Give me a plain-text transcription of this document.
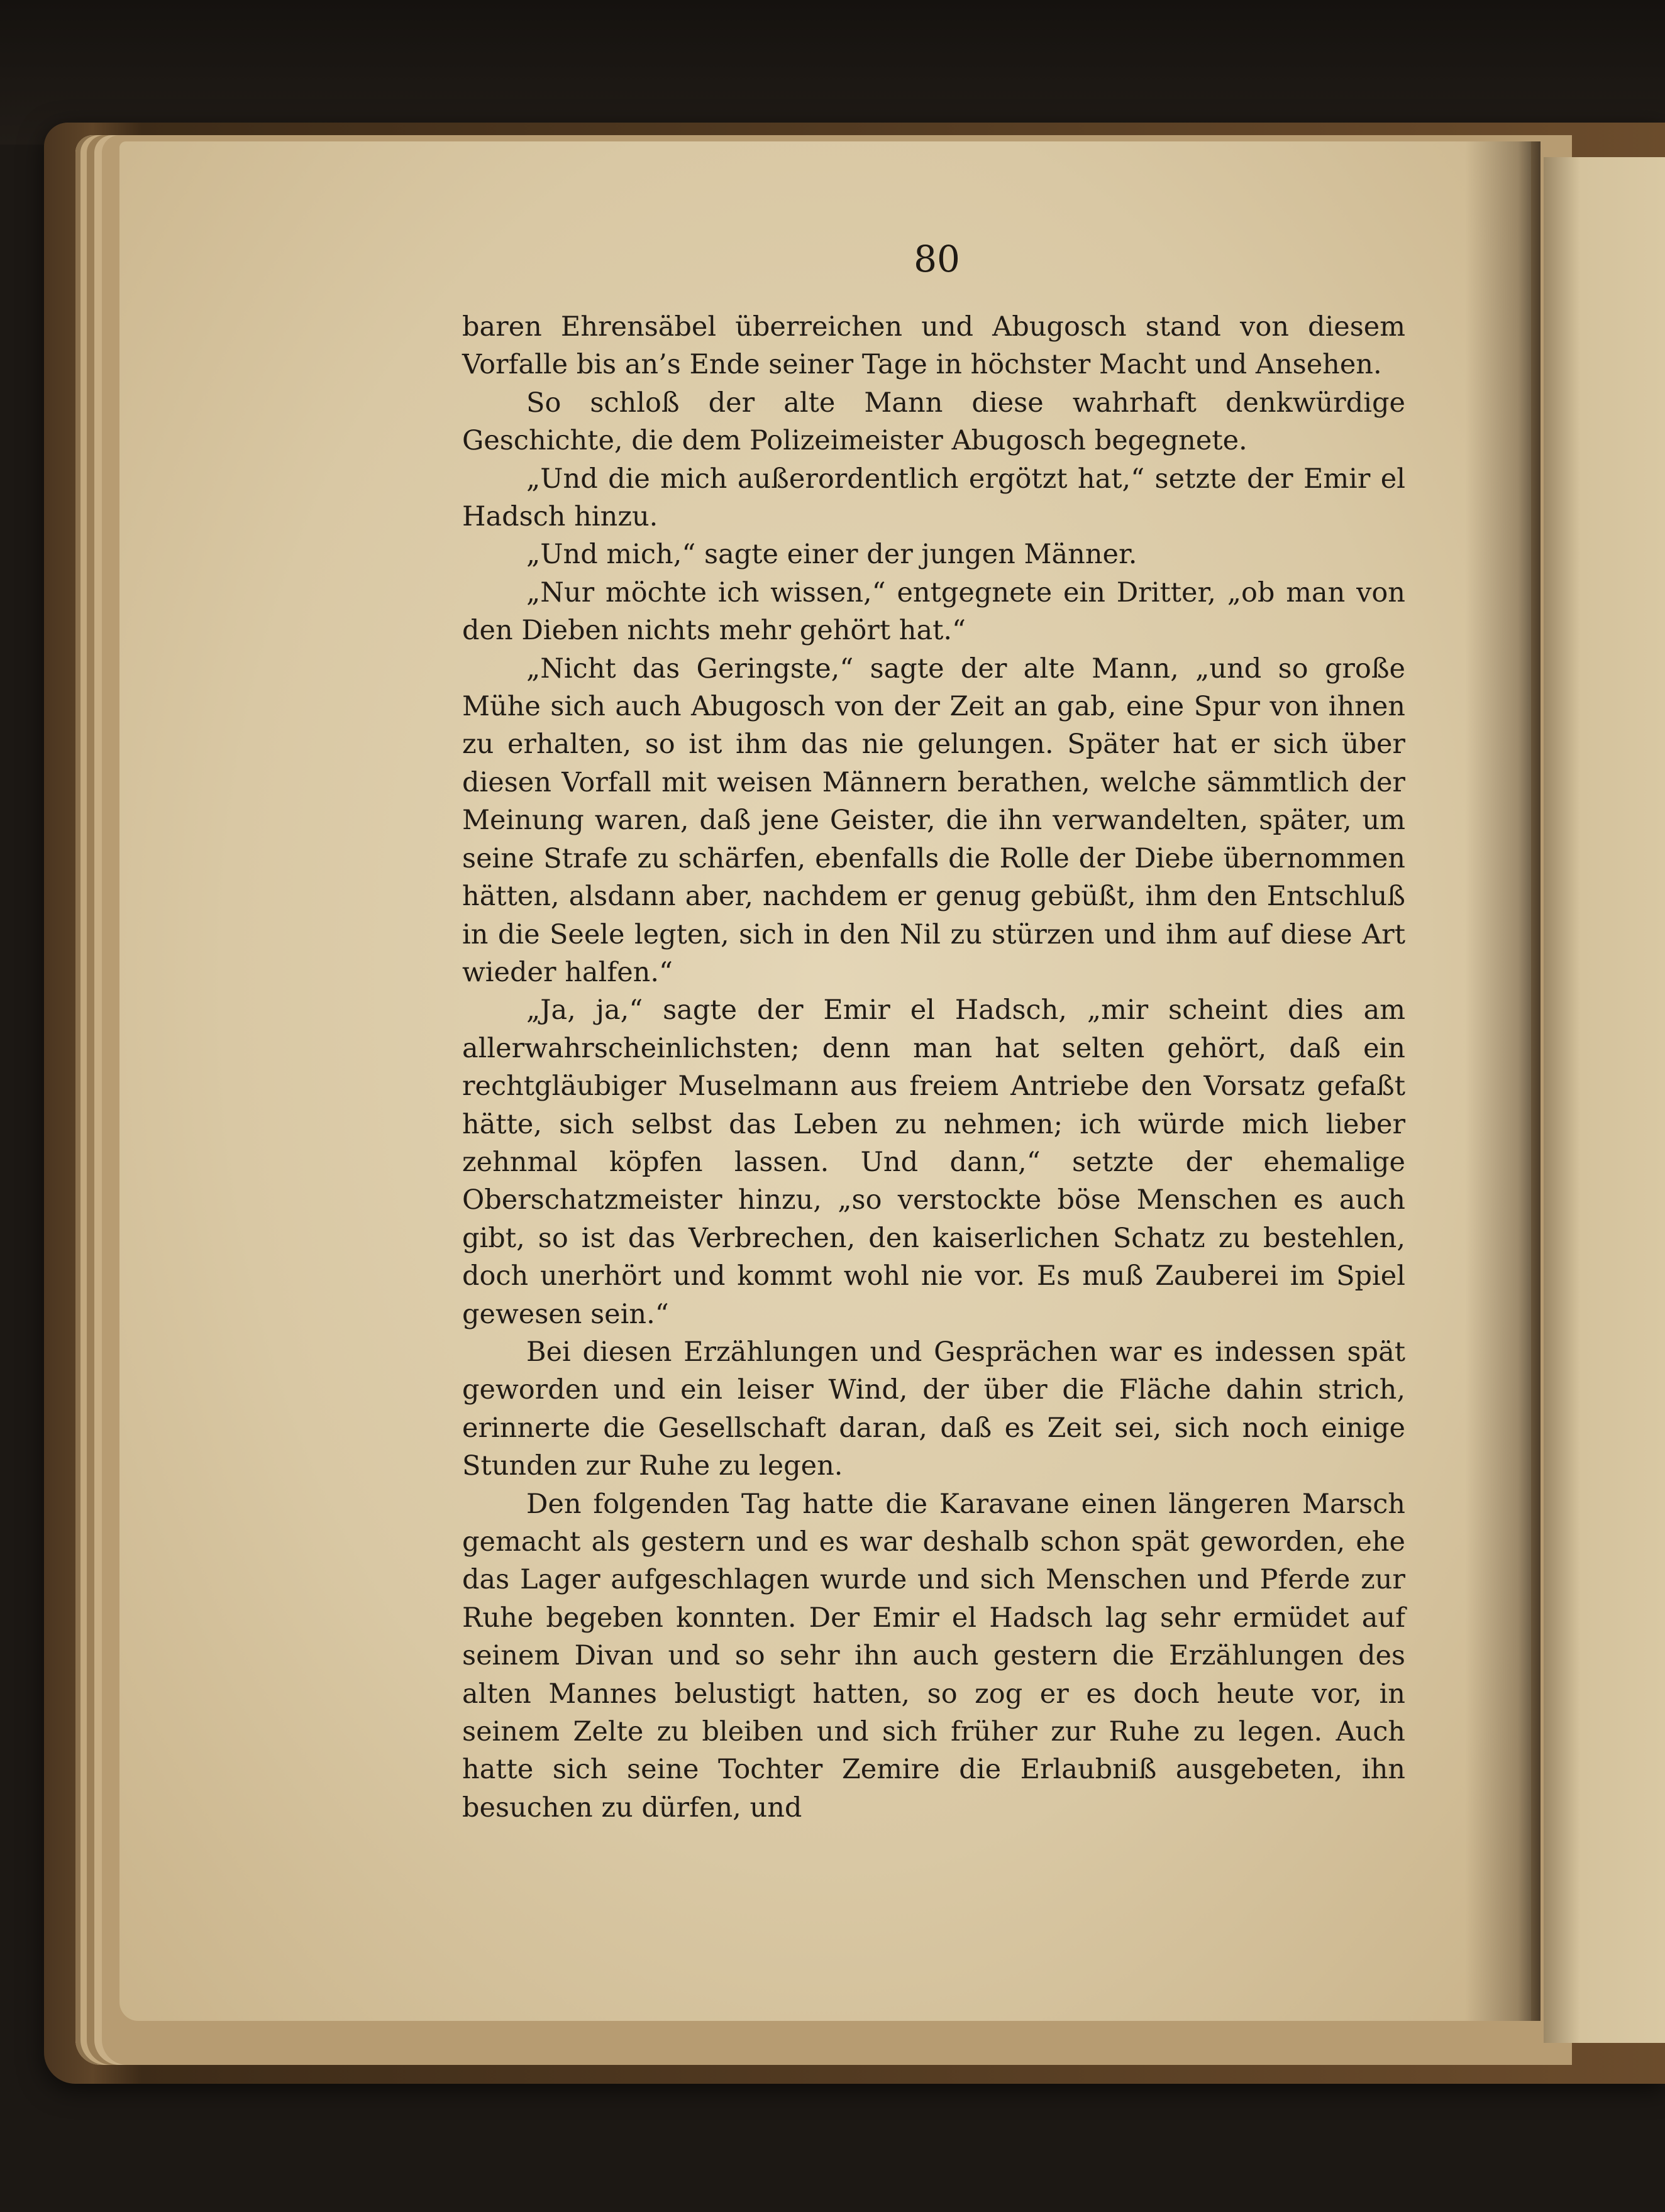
80

baren Ehrensäbel überreichen und Abugosch stand von diesem Vorfalle bis an’s Ende seiner Tage in höchster Macht und Ansehen.

So schloß der alte Mann diese wahrhaft denkwürdige Geschichte, die dem Polizeimeister Abugosch begegnete.

„Und die mich außerordentlich ergötzt hat,“ setzte der Emir el Hadsch hinzu.

„Und mich,“ sagte einer der jungen Männer.

„Nur möchte ich wissen,“ entgegnete ein Dritter, „ob man von den Dieben nichts mehr gehört hat.“

„Nicht das Geringste,“ sagte der alte Mann, „und so große Mühe sich auch Abugosch von der Zeit an gab, eine Spur von ihnen zu erhalten, so ist ihm das nie gelungen. Später hat er sich über diesen Vorfall mit weisen Männern berathen, welche sämmtlich der Meinung waren, daß jene Geister, die ihn verwandelten, später, um seine Strafe zu schärfen, ebenfalls die Rolle der Diebe übernommen hätten, alsdann aber, nachdem er genug gebüßt, ihm den Entschluß in die Seele legten, sich in den Nil zu stürzen und ihm auf diese Art wieder halfen.“

„Ja, ja,“ sagte der Emir el Hadsch, „mir scheint dies am allerwahrscheinlichsten; denn man hat selten gehört, daß ein rechtgläubiger Muselmann aus freiem Antriebe den Vorsatz gefaßt hätte, sich selbst das Leben zu nehmen; ich würde mich lieber zehnmal köpfen lassen. Und dann,“ setzte der ehemalige Oberschatzmeister hinzu, „so verstockte böse Menschen es auch gibt, so ist das Verbrechen, den kaiserlichen Schatz zu bestehlen, doch unerhört und kommt wohl nie vor. Es muß Zauberei im Spiel gewesen sein.“

Bei diesen Erzählungen und Gesprächen war es indessen spät geworden und ein leiser Wind, der über die Fläche dahin strich, erinnerte die Gesellschaft daran, daß es Zeit sei, sich noch einige Stunden zur Ruhe zu legen.

Den folgenden Tag hatte die Karavane einen längeren Marsch gemacht als gestern und es war deshalb schon spät geworden, ehe das Lager aufgeschlagen wurde und sich Menschen und Pferde zur Ruhe begeben konnten. Der Emir el Hadsch lag sehr ermüdet auf seinem Divan und so sehr ihn auch gestern die Erzählungen des alten Mannes belustigt hatten, so zog er es doch heute vor, in seinem Zelte zu bleiben und sich früher zur Ruhe zu legen. Auch hatte sich seine Tochter Zemire die Erlaubniß ausgebeten, ihn besuchen zu dürfen, und
